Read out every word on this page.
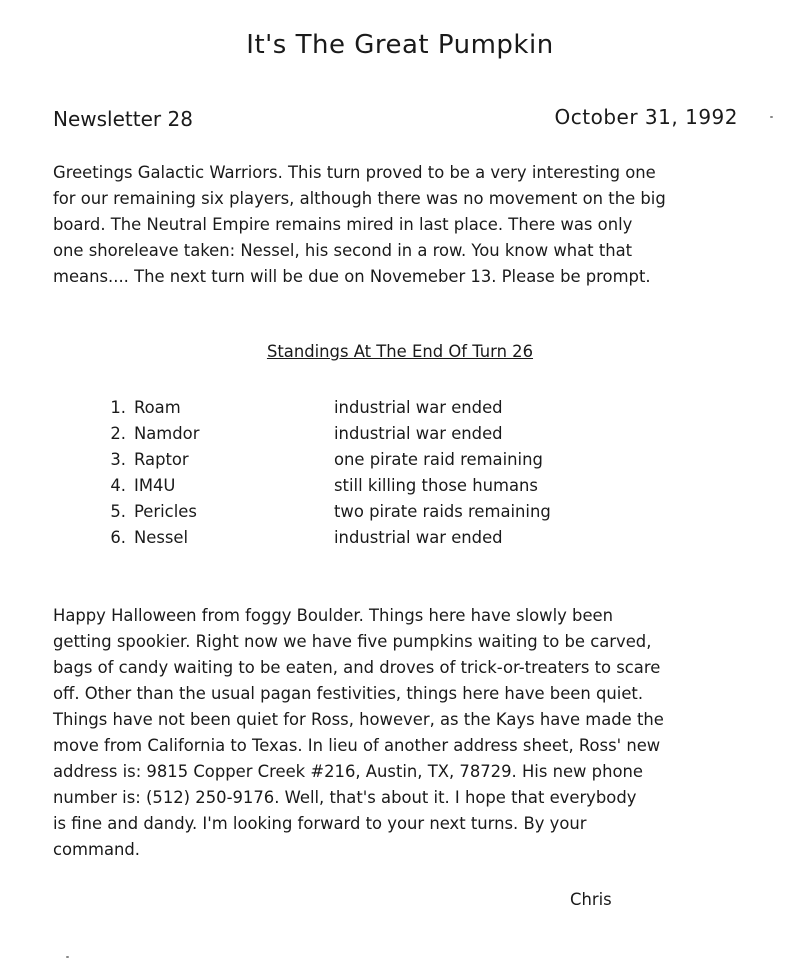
It's The Great Pumpkin
Newsletter 28	October 31, 1992
Greetings Galactic Warriors. This turn proved to be a very interesting one
for our remaining six players, although there was no movement on the big
board. The Neutral Empire remains mired in last place. There was only
one shoreleave taken: Nessel, his second in a row. You know what that
means.... The next turn will be due on Novemeber 13. Please be prompt.
Standings At The End Of Turn 26
1. Roam	industrial war ended
2. Namdor	industrial war ended
3. Raptor	one pirate raid remaining
4. IM4U	still killing those humans
5. Pericles	two pirate raids remaining
6. Nessel	industrial war ended
Happy Halloween from foggy Boulder. Things here have slowly been
getting spookier. Right now we have five pumpkins waiting to be carved,
bags of candy waiting to be eaten, and droves of trick-or-treaters to scare
off. Other than the usual pagan festivities, things here have been quiet.
Things have not been quiet for Ross, however, as the Kays have made the
move from California to Texas. In lieu of another address sheet, Ross' new
address is: 9815 Copper Creek #216, Austin, TX, 78729. His new phone
number is: (512) 250-9176. Well, that's about it. I hope that everybody
is fine and dandy. I'm looking forward to your next turns. By your
command.
Chris
